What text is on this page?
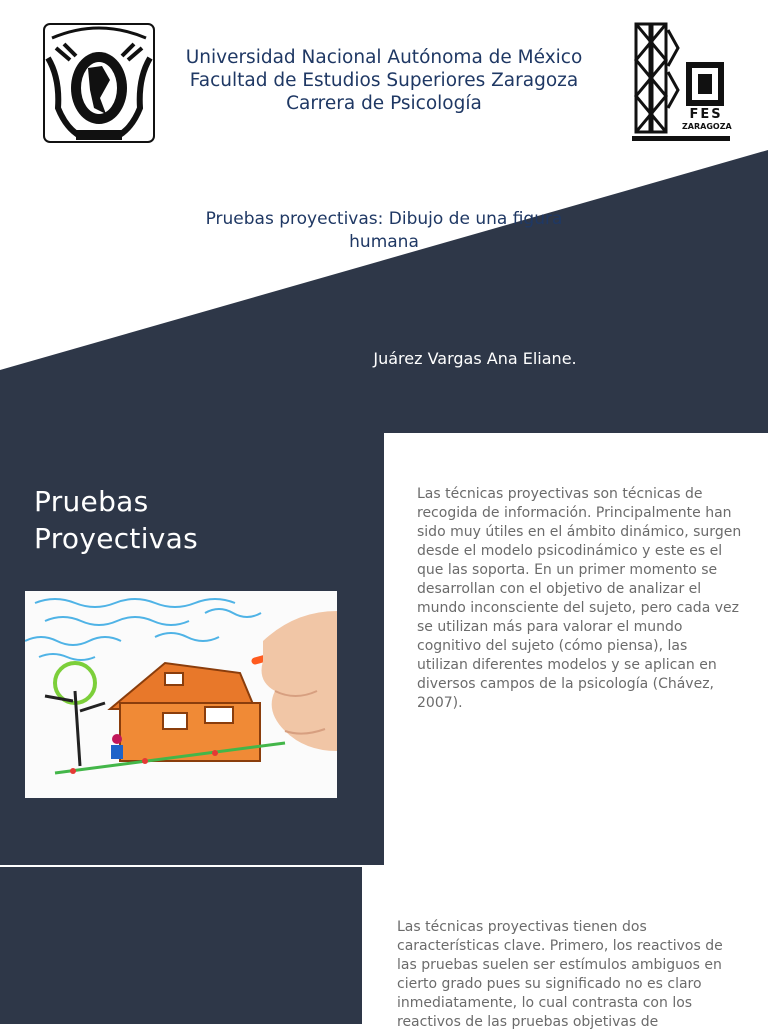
FES
ZARAGOZA
Universidad Nacional Autónoma de México
Facultad de Estudios Superiores Zaragoza
Carrera de Psicología
Pruebas proyectivas: Dibujo de una figura humana
Juárez Vargas Ana Eliane.
Pruebas
Proyectivas
Las técnicas proyectivas son técnicas de recogida de información. Principalmente han sido muy útiles en el ámbito dinámico, surgen desde el modelo psicodinámico y este es el que las soporta. En un primer momento se desarrollan con el objetivo de analizar el mundo inconsciente del sujeto, pero cada vez se utilizan más para valorar el mundo cognitivo del sujeto (cómo piensa), las utilizan diferentes modelos y se aplican en diversos campos de la psicología (Chávez, 2007).
Las técnicas proyectivas tienen dos características clave. Primero, los reactivos de las pruebas suelen ser estímulos ambiguos en cierto grado pues su significado no es claro inmediatamente, lo cual contrasta con los reactivos de las pruebas objetivas de
